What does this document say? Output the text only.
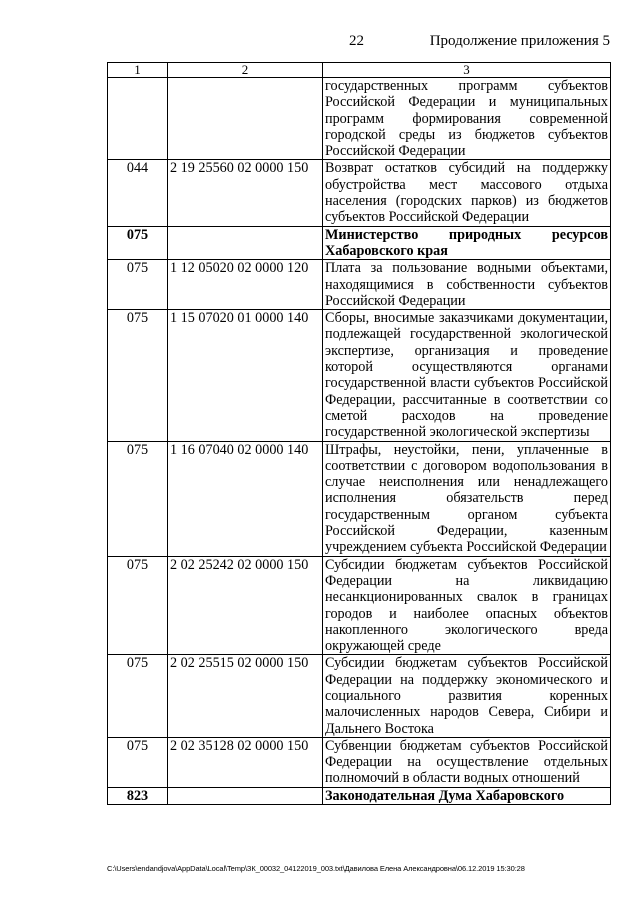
22	Продолжение приложения 5
1	2	3
		государственных программ субъектов Российской Федерации и муниципальных программ формирования современной городской среды из бюджетов субъектов Российской Федерации
044	2 19 25560 02 0000 150	Возврат остатков субсидий на поддержку обустройства мест массового отдыха населения (городских парков) из бюджетов субъектов Российской Федерации
075		Министерство природных ресурсов Хабаровского края
075	1 12 05020 02 0000 120	Плата за пользование водными объектами, находящимися в собственности субъектов Российской Федерации
075	1 15 07020 01 0000 140	Сборы, вносимые заказчиками документации, подлежащей государственной экологической экспертизе, организация и проведение которой осуществляются органами государственной власти субъектов Российской Федерации, рассчитанные в соответствии со сметой расходов на проведение государственной экологической экспертизы
075	1 16 07040 02 0000 140	Штрафы, неустойки, пени, уплаченные в соответствии с договором водопользования в случае неисполнения или ненадлежащего исполнения обязательств перед государственным органом субъекта Российской Федерации, казенным учреждением субъекта Российской Федерации
075	2 02 25242 02 0000 150	Субсидии бюджетам субъектов Российской Федерации на ликвидацию несанкционированных свалок в границах городов и наиболее опасных объектов накопленного экологического вреда окружающей среде
075	2 02 25515 02 0000 150	Субсидии бюджетам субъектов Российской Федерации на поддержку экономического и социального развития коренных малочисленных народов Севера, Сибири и Дальнего Востока
075	2 02 35128 02 0000 150	Субвенции бюджетам субъектов Российской Федерации на осуществление отдельных полномочий в области водных отношений
823		Законодательная Дума Хабаровского
C:\Users\endandjova\AppData\Local\Temp\ЗК_00032_04122019_003.txt\Давилова Елена Александровна\06.12.2019 15:30:28
